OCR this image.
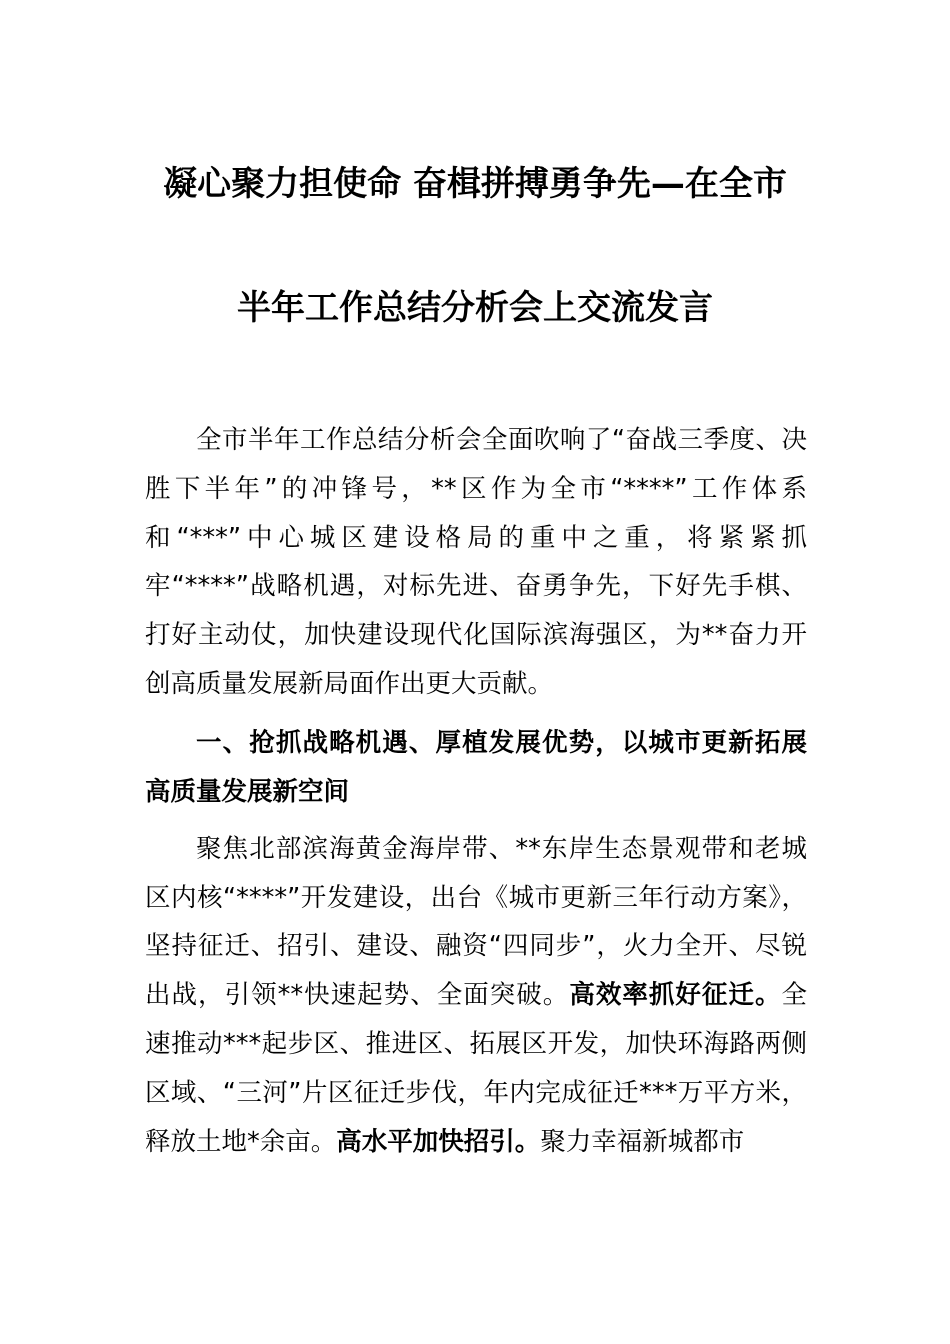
凝心聚力担使命 奋楫拼搏勇争先—在全市
半年工作总结分析会上交流发言

全市半年工作总结分析会全面吹响了“奋战三季度、决胜下半年”的冲锋号，**区作为全市“****”工作体系和“***”中心城区建设格局的重中之重，将紧紧抓牢“****”战略机遇，对标先进、奋勇争先，下好先手棋、打好主动仗，加快建设现代化国际滨海强区，为**奋力开创高质量发展新局面作出更大贡献。

一、抢抓战略机遇、厚植发展优势，以城市更新拓展高质量发展新空间

聚焦北部滨海黄金海岸带、**东岸生态景观带和老城区内核“****”开发建设，出台《城市更新三年行动方案》，坚持征迁、招引、建设、融资“四同步”，火力全开、尽锐出战，引领**快速起势、全面突破。高效率抓好征迁。全速推动***起步区、推进区、拓展区开发，加快环海路两侧区域、“三河”片区征迁步伐，年内完成征迁***万平方米，释放土地*余亩。高水平加快招引。聚力幸福新城都市
